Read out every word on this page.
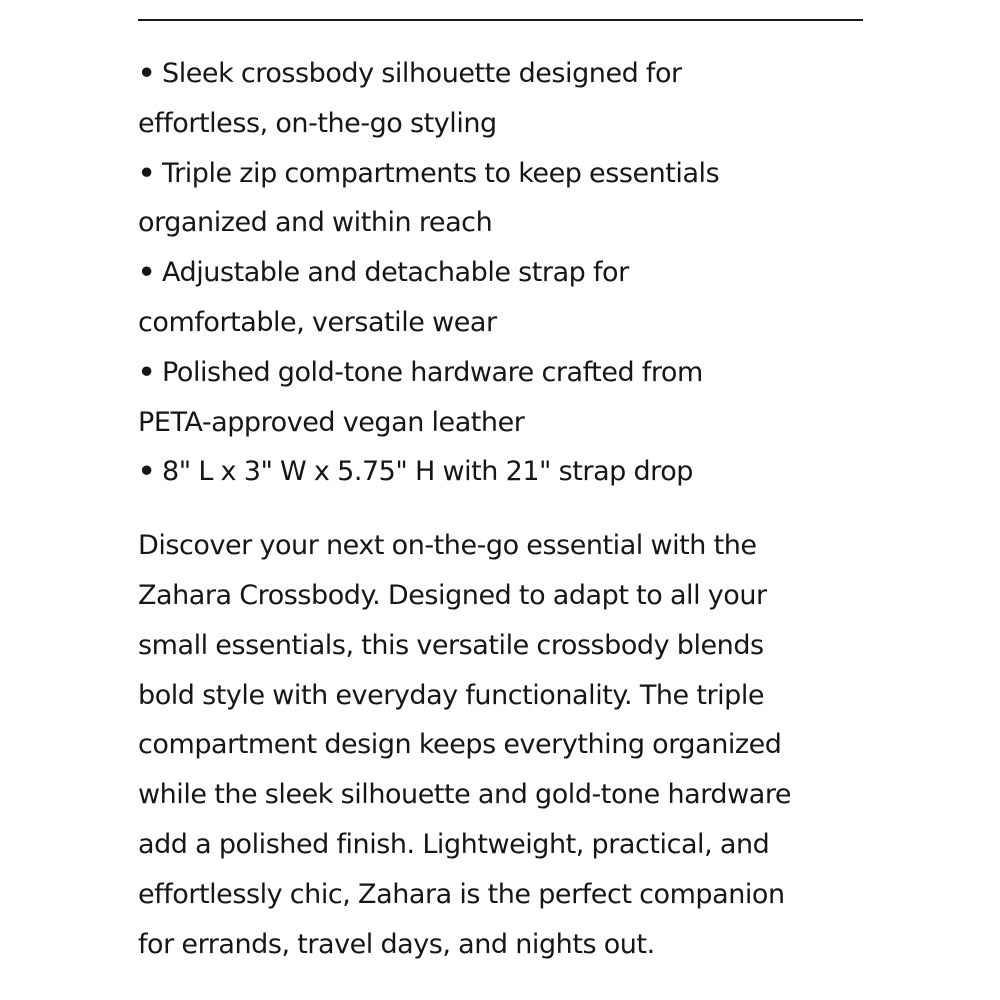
• Sleek crossbody silhouette designed for
effortless, on-the-go styling
• Triple zip compartments to keep essentials
organized and within reach
• Adjustable and detachable strap for
comfortable, versatile wear
• Polished gold-tone hardware crafted from
PETA-approved vegan leather
• 8" L x 3" W x 5.75" H with 21" strap drop

Discover your next on-the-go essential with the
Zahara Crossbody. Designed to adapt to all your
small essentials, this versatile crossbody blends
bold style with everyday functionality. The triple
compartment design keeps everything organized
while the sleek silhouette and gold-tone hardware
add a polished finish. Lightweight, practical, and
effortlessly chic, Zahara is the perfect companion
for errands, travel days, and nights out.
